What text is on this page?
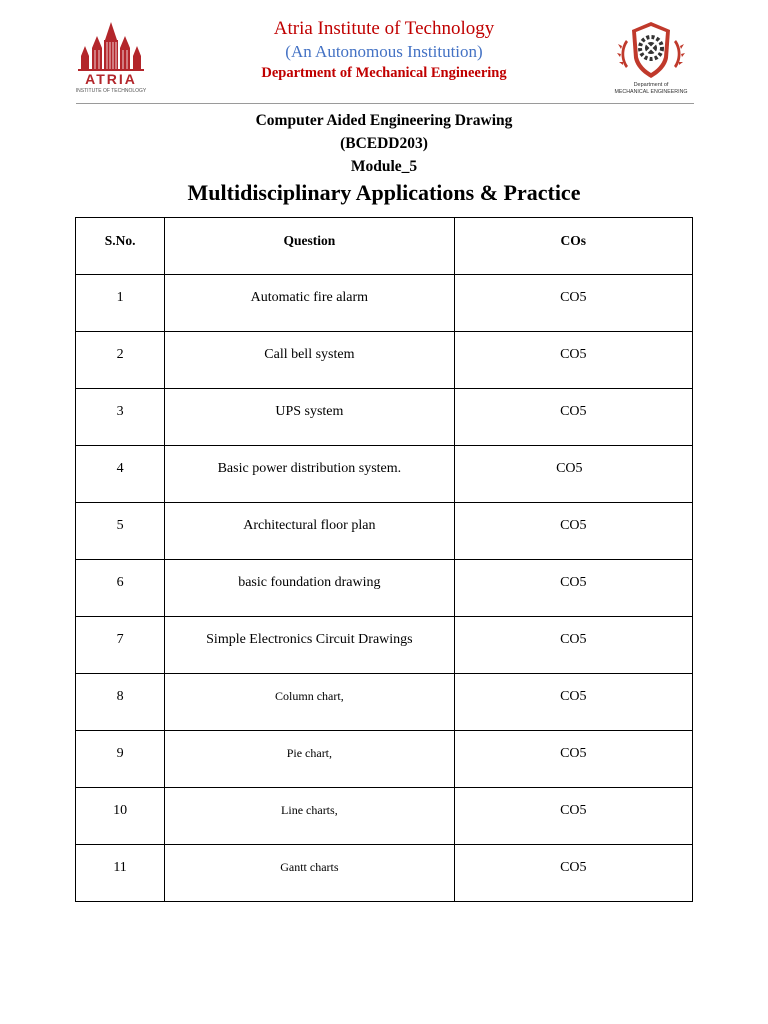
ATRIA
INSTITUTE OF TECHNOLOGY
Atria Institute of Technology
(An Autonomous Institution)
Department of Mechanical Engineering
Department of
MECHANICAL ENGINEERING
Computer Aided Engineering Drawing
(BCEDD203)
Module_5
Multidisciplinary Applications & Practice
S.No.	Question	COs

1	Automatic fire alarm	CO5

2	Call bell system	CO5

3	UPS system	CO5

4	Basic power distribution system.	CO5

5	Architectural floor plan	CO5

6	basic foundation drawing	CO5

7	Simple Electronics Circuit Drawings	CO5

8	Column chart,	CO5

9	Pie chart,	CO5

10	Line charts,	CO5

11	Gantt charts	CO5
